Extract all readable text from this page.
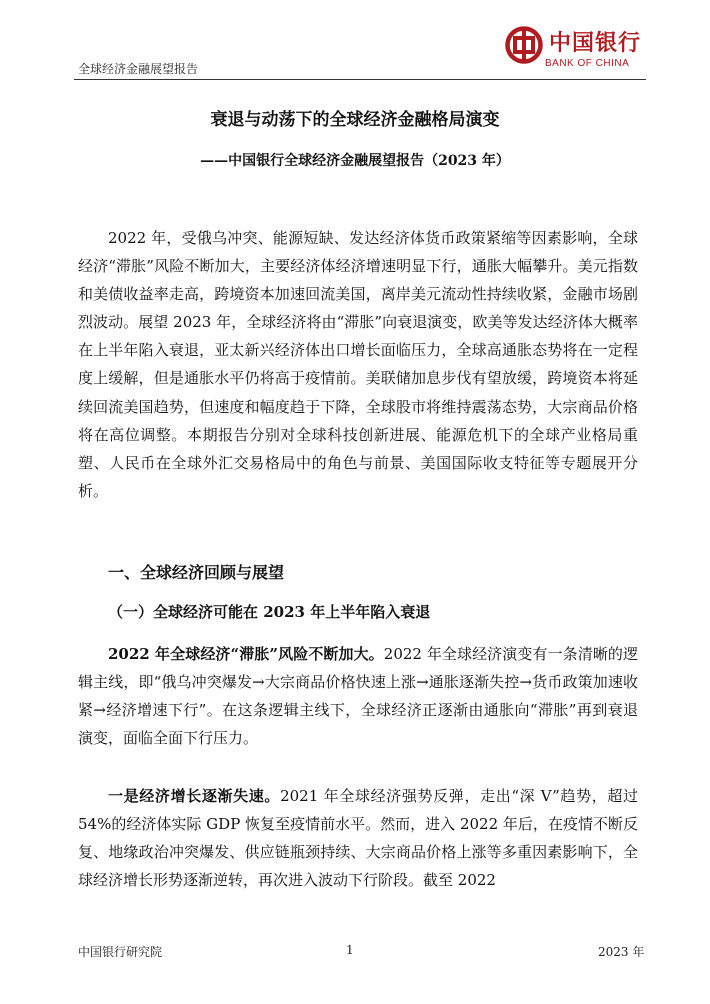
全球经济金融展望报告
中国银行
BANK OF CHINA
衰退与动荡下的全球经济金融格局演变
——中国银行全球经济金融展望报告（2023 年）

2022 年，受俄乌冲突、能源短缺、发达经济体货币政策紧缩等因素影响，全球经济“滞胀”风险不断加大，主要经济体经济增速明显下行，通胀大幅攀升。美元指数和美债收益率走高，跨境资本加速回流美国，离岸美元流动性持续收紧，金融市场剧烈波动。展望 2023 年，全球经济将由“滞胀”向衰退演变，欧美等发达经济体大概率在上半年陷入衰退，亚太新兴经济体出口增长面临压力，全球高通胀态势将在一定程度上缓解，但是通胀水平仍将高于疫情前。美联储加息步伐有望放缓，跨境资本将延续回流美国趋势，但速度和幅度趋于下降，全球股市将维持震荡态势，大宗商品价格将在高位调整。本期报告分别对全球科技创新进展、能源危机下的全球产业格局重塑、人民币在全球外汇交易格局中的角色与前景、美国国际收支特征等专题展开分析。

一、全球经济回顾与展望
（一）全球经济可能在 2023 年上半年陷入衰退

2022 年全球经济“滞胀”风险不断加大。2022 年全球经济演变有一条清晰的逻辑主线，即“俄乌冲突爆发→大宗商品价格快速上涨→通胀逐渐失控→货币政策加速收紧→经济增速下行”。在这条逻辑主线下，全球经济正逐渐由通胀向“滞胀”再到衰退演变，面临全面下行压力。

一是经济增长逐渐失速。2021 年全球经济强势反弹，走出“深 V”趋势，超过 54%的经济体实际 GDP 恢复至疫情前水平。然而，进入 2022 年后，在疫情不断反复、地缘政治冲突爆发、供应链瓶颈持续、大宗商品价格上涨等多重因素影响下，全球经济增长形势逐渐逆转，再次进入波动下行阶段。截至 2022

中国银行研究院	1	2023 年
